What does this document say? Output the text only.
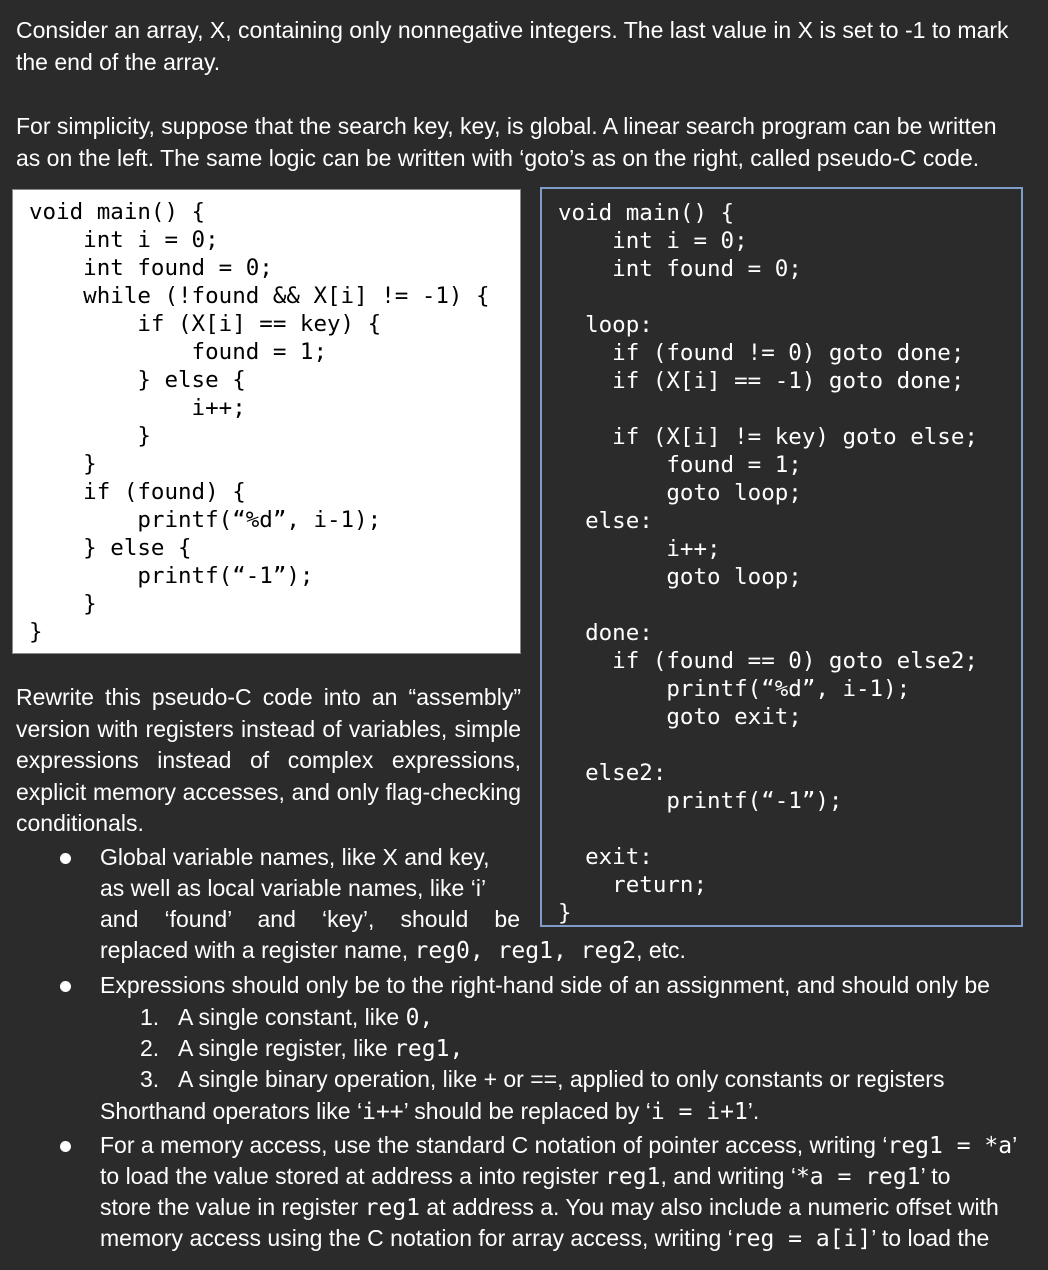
Consider an array, X, containing only nonnegative integers. The last value in X is set to -1 to mark
the end of the array.
For simplicity, suppose that the search key, key, is global. A linear search program can be written
as on the left. The same logic can be written with ‘goto’s as on the right, called pseudo-C code.
void main() {
int i = 0;
int found = 0;
while (!found && X[i] != -1) {
if (X[i] == key) {
found = 1;
} else {
i++;
}
}
if (found) {
printf(“%d”, i-1);
} else {
printf(“-1”);
}
}
void main() {
int i = 0;
int found = 0;
loop:
if (found != 0) goto done;
if (X[i] == -1) goto done;
if (X[i] != key) goto else;
found = 1;
goto loop;
else:
i++;
goto loop;
done:
if (found == 0) goto else2;
printf(“%d”, i-1);
goto exit;
else2:
printf(“-1”);
exit:
return;
}

Rewrite this pseudo-C code into an “assembly” version with registers instead of variables, simple expressions instead of complex expressions, explicit memory accesses, and only flag-checking conditionals.

Global variable names, like X and key,
as well as local variable names, like ‘i’
and ‘found’ and ‘key’, should be
replaced with a register name, reg0, reg1, reg2, etc.
Expressions should only be to the right-hand side of an assignment, and should only be
1. A single constant, like 0,
2. A single register, like reg1,
3. A single binary operation, like + or ==, applied to only constants or registers
Shorthand operators like ‘i++’ should be replaced by ‘i = i+1’.
For a memory access, use the standard C notation of pointer access, writing ‘reg1 = *a’
to load the value stored at address a into register reg1, and writing ‘*a = reg1’ to
store the value in register reg1 at address a. You may also include a numeric offset with
memory access using the C notation for array access, writing ‘reg = a[i]’ to load the
